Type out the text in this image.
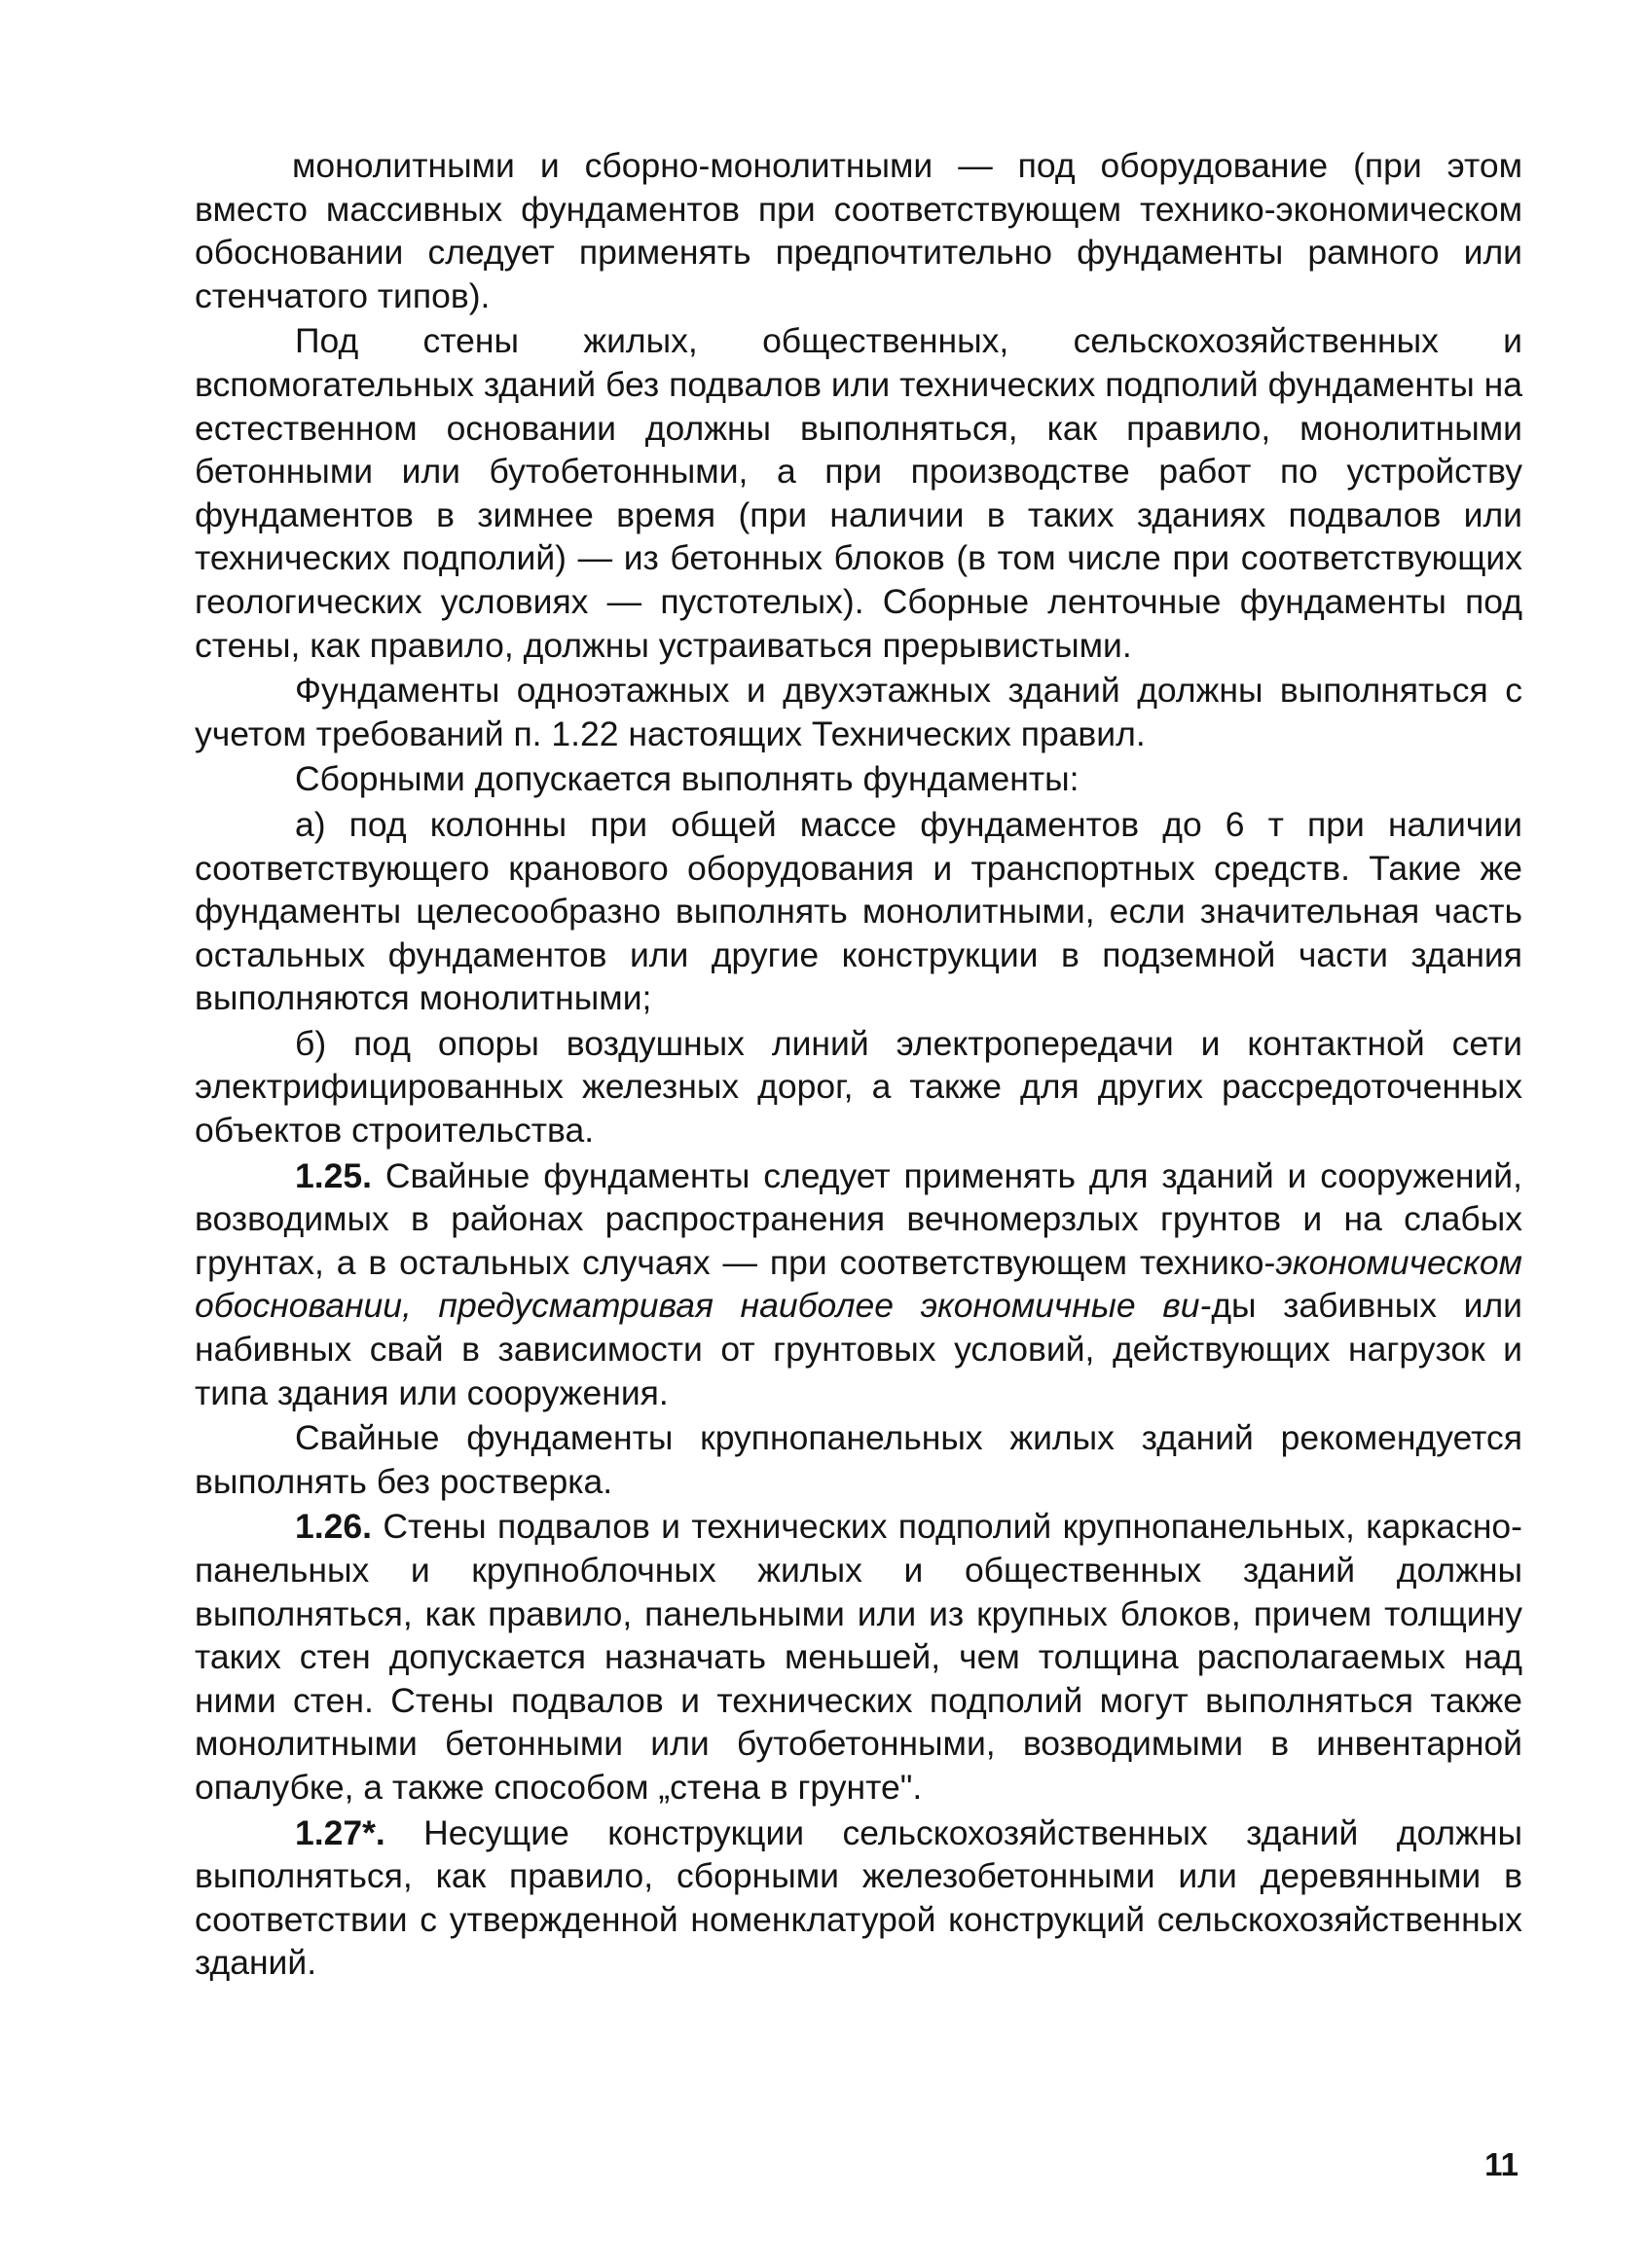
монолитными и сборно-монолитными — под оборудование (при этом вместо массивных фундаментов при соответствующем технико-экономическом обосновании следует применять предпочтительно фундаменты рамного или стенчатого типов).

Под стены жилых, общественных, сельскохозяйственных и вспомогательных зданий без подвалов или технических подполий фундаменты на естественном основании должны выполняться, как правило, монолитными бетонными или бутобетонными, а при производстве работ по устройству фундаментов в зимнее время (при наличии в таких зданиях подвалов или технических подполий) — из бетонных блоков (в том числе при соответствующих геологических условиях — пустотелых). Сборные ленточные фундаменты под стены, как правило, должны устраиваться прерывистыми.

Фундаменты одноэтажных и двухэтажных зданий должны выполняться с учетом требований п. 1.22 настоящих Технических правил.

Сборными допускается выполнять фундаменты:

а) под колонны при общей массе фундаментов до 6 т при наличии соответствующего кранового оборудования и транспортных средств. Такие же фундаменты целесообразно выполнять монолитными, если значительная часть остальных фундаментов или другие конструкции в подземной части здания выполняются монолитными;

б) под опоры воздушных линий электропередачи и контактной сети электрифицированных железных дорог, а также для других рассредоточенных объектов строительства.

1.25. Свайные фундаменты следует применять для зданий и сооружений, возводимых в районах распространения вечномерзлых грунтов и на слабых грунтах, а в остальных случаях — при соответствующем технико-экономическом обосновании, предусматривая наиболее экономичные ви-ды забивных или набивных свай в зависимости от грунтовых условий, действующих нагрузок и типа здания или сооружения.

Свайные фундаменты крупнопанельных жилых зданий рекомендуется выполнять без ростверка.

1.26. Стены подвалов и технических подполий крупнопанельных, каркасно-панельных и крупноблочных жилых и общественных зданий должны выполняться, как правило, панельными или из крупных блоков, причем толщину таких стен допускается назначать меньшей, чем толщина располагаемых над ними стен. Стены подвалов и технических подполий могут выполняться также монолитными бетонными или бутобетонными, возводимыми в инвентарной опалубке, а также способом „стена в грунте".

1.27*. Несущие конструкции сельскохозяйственных зданий должны выполняться, как правило, сборными железобетонными или деревянными в соответствии с утвержденной номенклатурой конструкций сельскохозяйственных зданий.

11
